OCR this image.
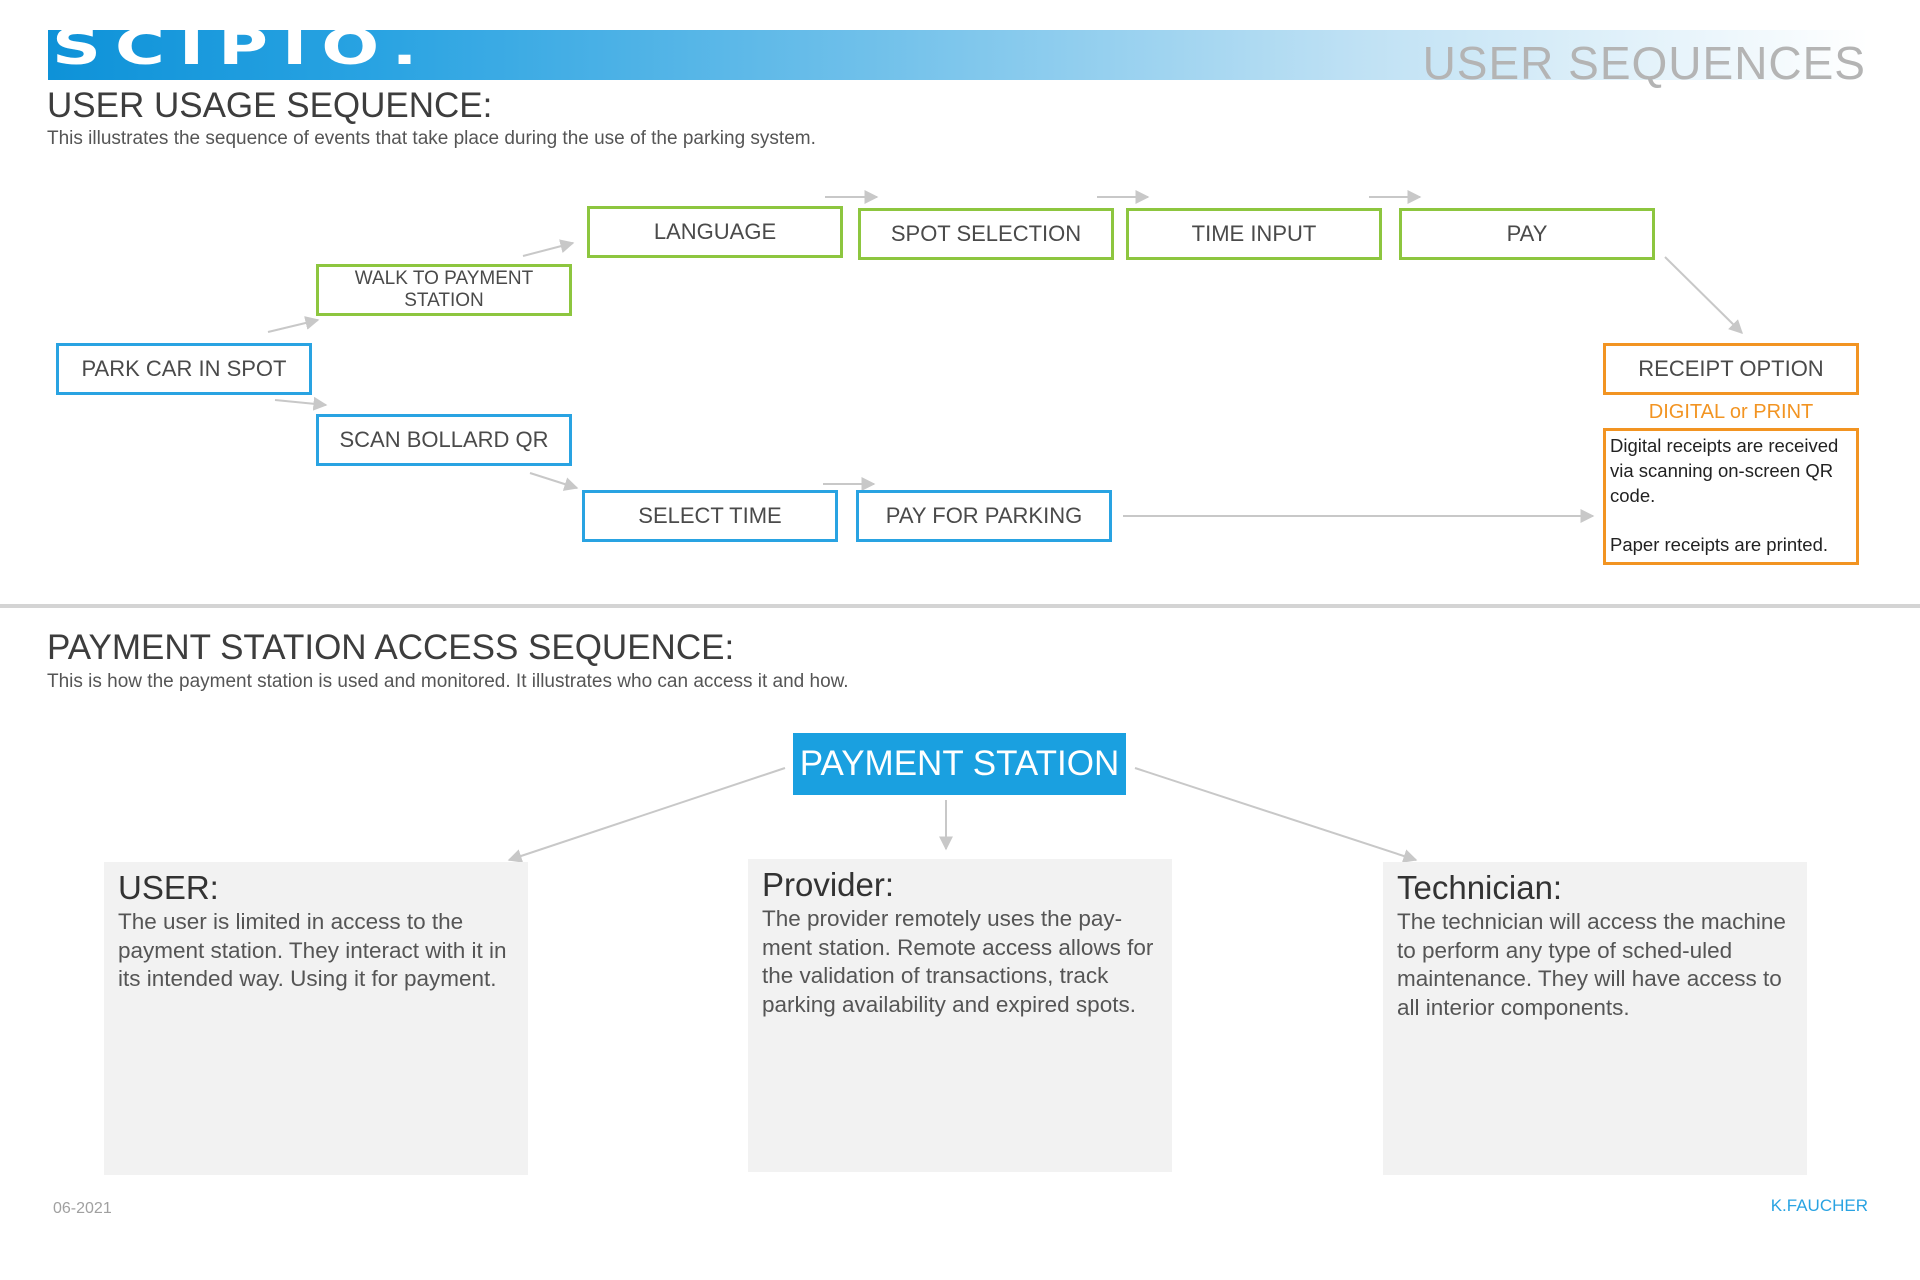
SCIPIO.	USER SEQUENCES
USER USAGE SEQUENCE:
This illustrates the sequence of events that take place during the use of the parking system.
PARK CAR IN SPOT
WALK TO PAYMENT STATION
LANGUAGE	SPOT SELECTION	TIME INPUT	PAY
SCAN BOLLARD QR
SELECT TIME	PAY FOR PARKING
RECEIPT OPTION
DIGITAL or PRINT

Digital receipts are received via scanning on-screen QR code.

Paper receipts are printed.

PAYMENT STATION ACCESS SEQUENCE:
This is how the payment station is used and monitored. It illustrates who can access it and how.
PAYMENT STATION
USER:
The user is limited in access to the payment station. They interact with it in its intended way. Using it for payment.
Provider:
The provider remotely uses the pay-ment station. Remote access allows for the validation of transactions, track parking availability and expired spots.
Technician:
The technician will access the machine to perform any type of sched-uled maintenance. They will have access to all interior components.
06-2021	K.FAUCHER
